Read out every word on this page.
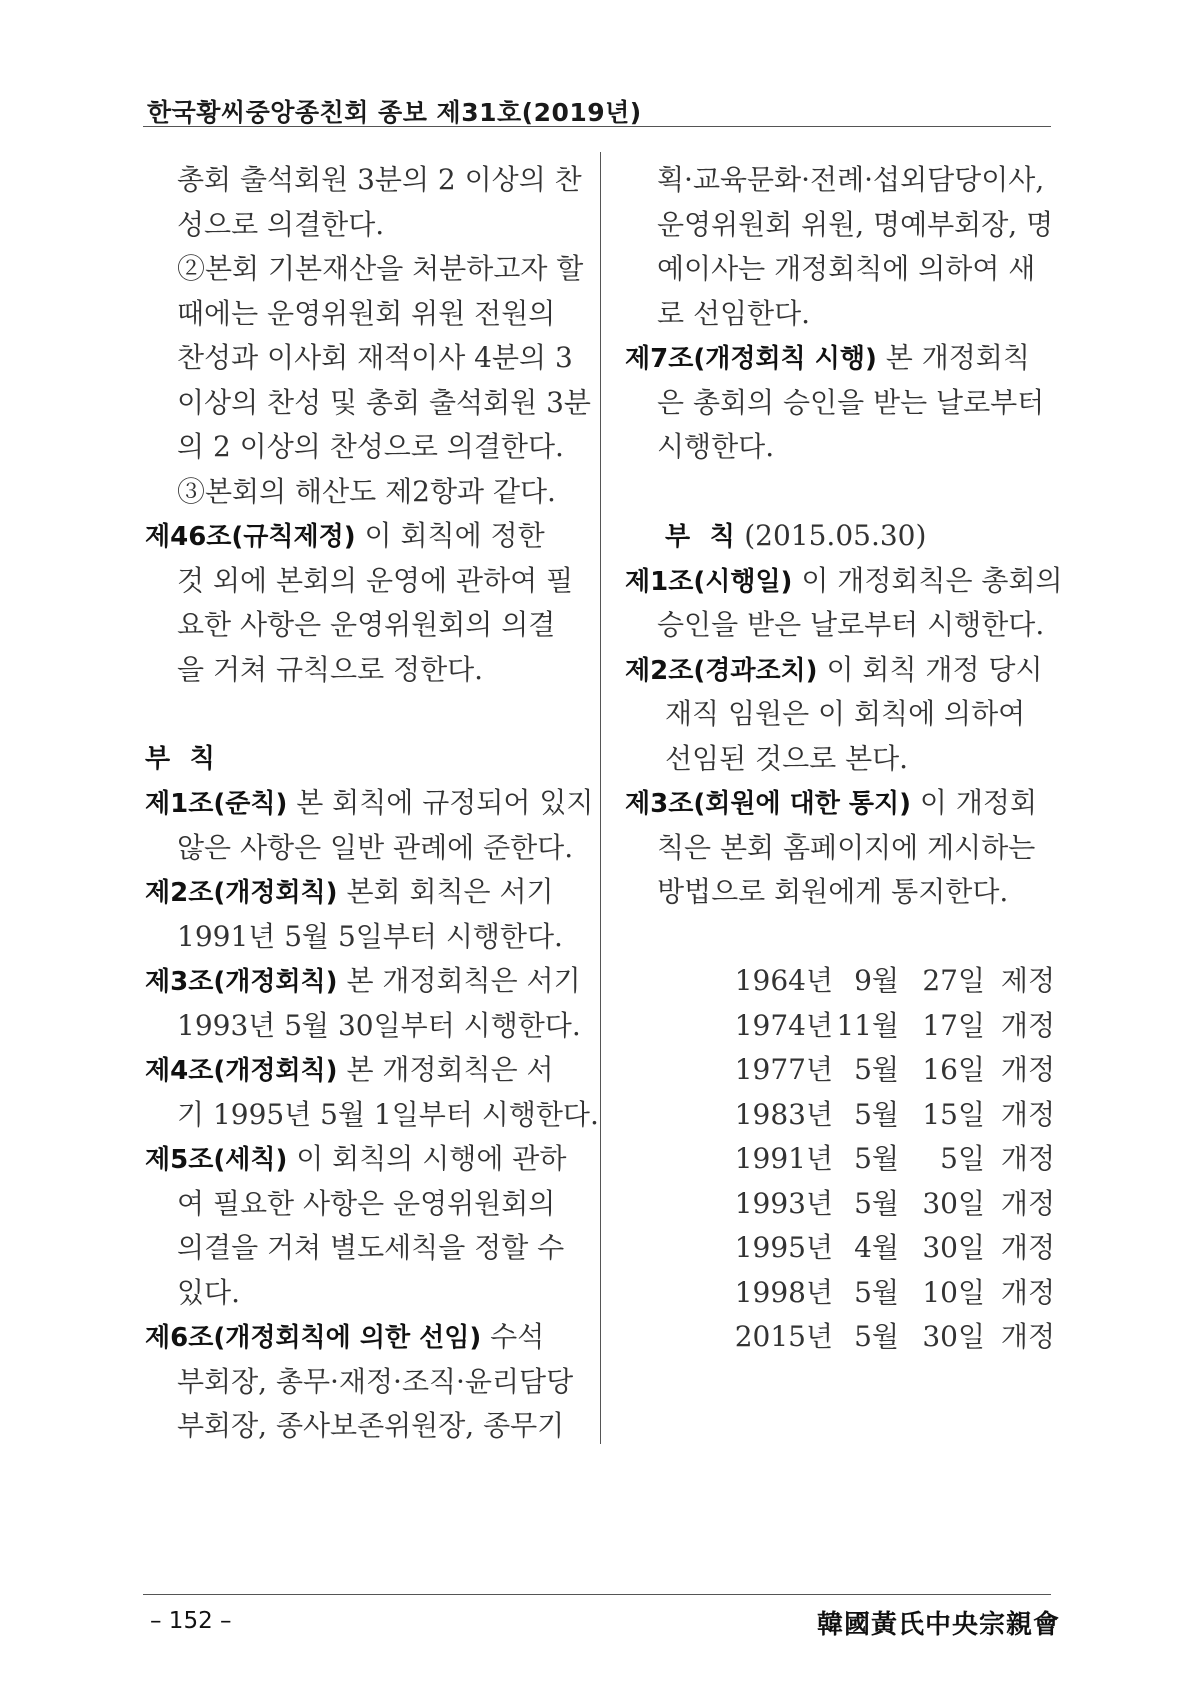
한국황씨중앙종친회 종보 제31호(2019년)
총회 출석회원 3분의 2 이상의 찬
성으로 의결한다.
②본회 기본재산을 처분하고자 할
때에는 운영위원회 위원 전원의
찬성과 이사회 재적이사 4분의 3
이상의 찬성 및 총회 출석회원 3분
의 2 이상의 찬성으로 의결한다.
③본회의 해산도 제2항과 같다.
제46조(규칙제정) 이 회칙에 정한
것 외에 본회의 운영에 관하여 필
요한 사항은 운영위원회의 의결
을 거쳐 규칙으로 정한다.
부  칙
제1조(준칙) 본 회칙에 규정되어 있지
않은 사항은 일반 관례에 준한다.
제2조(개정회칙) 본회 회칙은 서기
1991년 5월 5일부터 시행한다.
제3조(개정회칙) 본 개정회칙은 서기
1993년 5월 30일부터 시행한다.
제4조(개정회칙) 본 개정회칙은 서
기 1995년 5월 1일부터 시행한다.
제5조(세칙) 이 회칙의 시행에 관하
여 필요한 사항은 운영위원회의
의결을 거쳐 별도세칙을 정할 수
있다.
제6조(개정회칙에 의한 선임) 수석
부회장, 총무·재정·조직·윤리담당
부회장, 종사보존위원장, 종무기
획·교육문화·전례·섭외담당이사,
운영위원회 위원, 명예부회장, 명
예이사는 개정회칙에 의하여 새
로 선임한다.
제7조(개정회칙 시행) 본 개정회칙
은 총회의 승인을 받는 날로부터
시행한다.
부  칙 (2015.05.30)
제1조(시행일) 이 개정회칙은 총회의
승인을 받은 날로부터 시행한다.
제2조(경과조치) 이 회칙 개정 당시
재직 임원은 이 회칙에 의하여
선임된 것으로 본다.
제3조(회원에 대한 통지) 이 개정회
칙은 본회 홈페이지에 게시하는
방법으로 회원에게 통지한다.
1964년 9월 27일 제정
1974년 11월 17일 개정
1977년 5월 16일 개정
1983년 5월 15일 개정
1991년 5월	5일 개정
1993년 5월 30일 개정
1995년 4월 30일 개정
1998년 5월 10일 개정
2015년 5월 30일 개정
– 152 –	韓國黃氏中央宗親會
